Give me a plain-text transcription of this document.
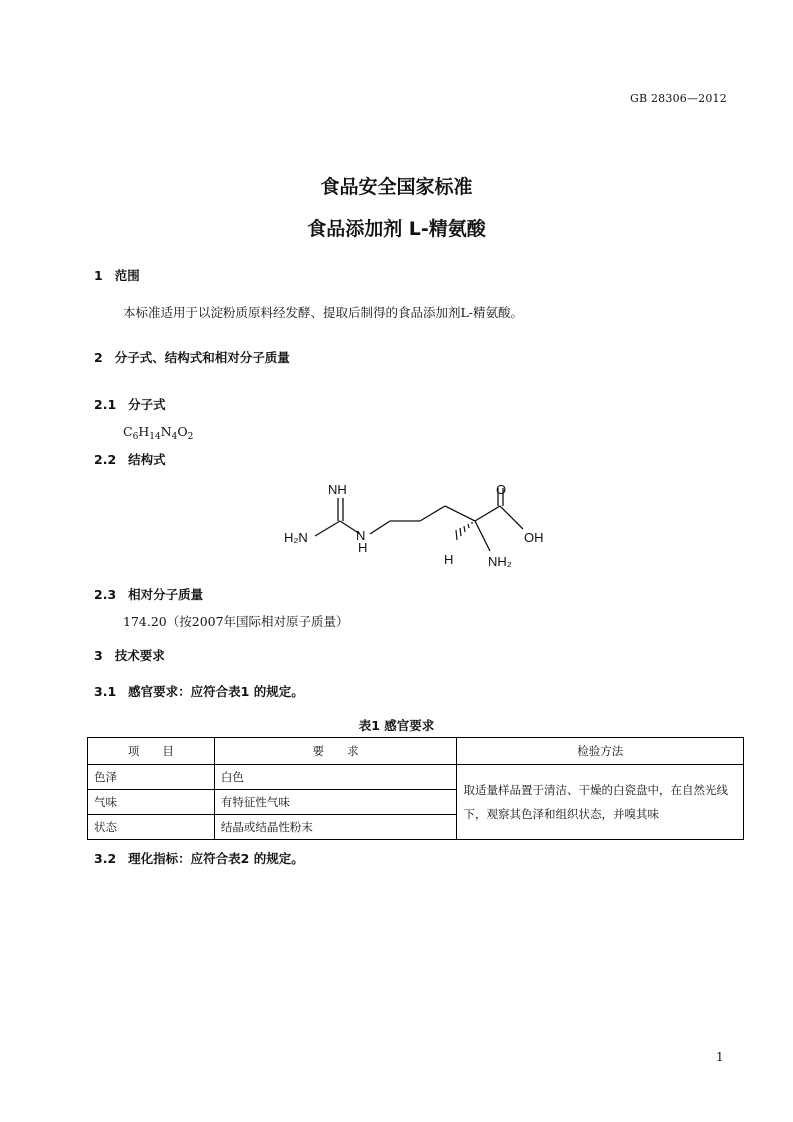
GB 28306—2012
食品安全国家标准
食品添加剂 L-精氨酸
1 范围
本标准适用于以淀粉质原料经发酵、提取后制得的食品添加剂L-精氨酸。
2 分子式、结构式和相对分子质量
2.1 分子式
$C_6H_{14}N_4O_2$
2.2 结构式
NH
H₂N	N
H
O
OH
H	NH₂
2.3 相对分子质量
174.20（按2007年国际相对原子质量）
3 技术要求
3.1 感官要求：应符合表1 的规定。
表1 感官要求
项　　目	要　　求	检验方法
色泽	白色	取适量样品置于清洁、干燥的白瓷盘中，在自然光线
下，观察其色泽和组织状态，并嗅其味

气味	有特征性气味	
状态	结晶或结晶性粉末	
3.2 理化指标：应符合表2 的规定。
1
